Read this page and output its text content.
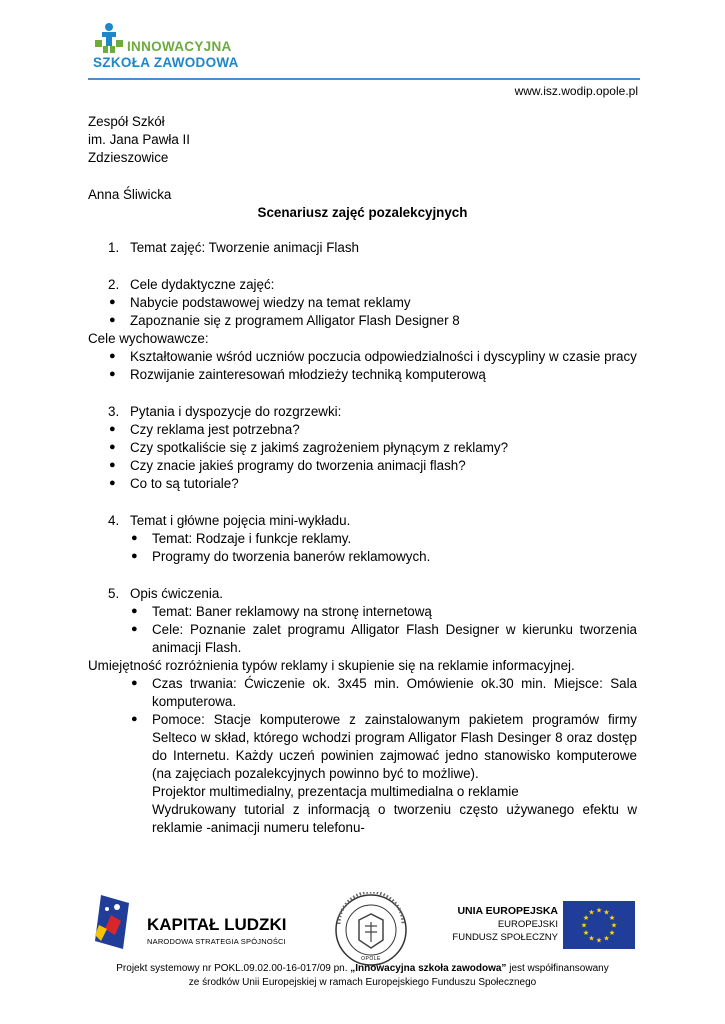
INNOWACYJNA
SZKOŁA ZAWODOWA
www.isz.wodip.opole.pl
Zespół Szkół
im. Jana Pawła II
Zdzieszowice
Anna Śliwicka
Scenariusz zajęć pozalekcyjnych
1. Temat zajęć: Tworzenie animacji Flash
2. Cele dydaktyczne zajęć:
● Nabycie podstawowej wiedzy na temat reklamy
● Zapoznanie się z programem Alligator Flash Designer 8
Cele wychowawcze:
● Kształtowanie wśród uczniów poczucia odpowiedzialności i dyscypliny w czasie pracy
● Rozwijanie zainteresowań młodzieży techniką komputerową
3. Pytania i dyspozycje do rozgrzewki:
● Czy reklama jest potrzebna?
● Czy spotkaliście się z jakimś zagrożeniem płynącym z reklamy?
● Czy znacie jakieś programy do tworzenia animacji flash?
● Co to są tutoriale?
4. Temat i główne pojęcia mini-wykładu.
● Temat: Rodzaje i funkcje reklamy.
● Programy do tworzenia banerów reklamowych.
5. Opis ćwiczenia.
● Temat: Baner reklamowy na stronę internetową
● Cele: Poznanie zalet programu Alligator Flash Designer w kierunku tworzenia animacji Flash.
Umiejętność rozróżnienia typów reklamy i skupienie się na reklamie informacyjnej.
● Czas trwania: Ćwiczenie ok. 3x45 min. Omówienie ok.30 min. Miejsce: Sala komputerowa.
● Pomoce: Stacje komputerowe z zainstalowanym pakietem programów firmy Selteco w skład, którego wchodzi program Alligator Flash Desinger 8 oraz dostęp do Internetu. Każdy uczeń powinien zajmować jedno stanowisko komputerowe (na zajęciach pozalekcyjnych powinno być to możliwe).
Projektor multimedialny, prezentacja multimedialna o reklamie
Wydrukowany tutorial z informacją o tworzeniu często używanego efektu w reklamie -animacji numeru telefonu-
KAPITAŁ LUDZKI
NARODOWA STRATEGIA SPÓJNOŚCI
OPOLE
UNIA EUROPEJSKA
EUROPEJSKI
FUNDUSZ SPOŁECZNY
★ ★
★
★
★
★
★
★
★
★
★
★
Projekt systemowy nr POKL.09.02.00-16-017/09 pn. „Innowacyjna szkoła zawodowa” jest współfinansowany
ze środków Unii Europejskiej w ramach Europejskiego Funduszu Społecznego
